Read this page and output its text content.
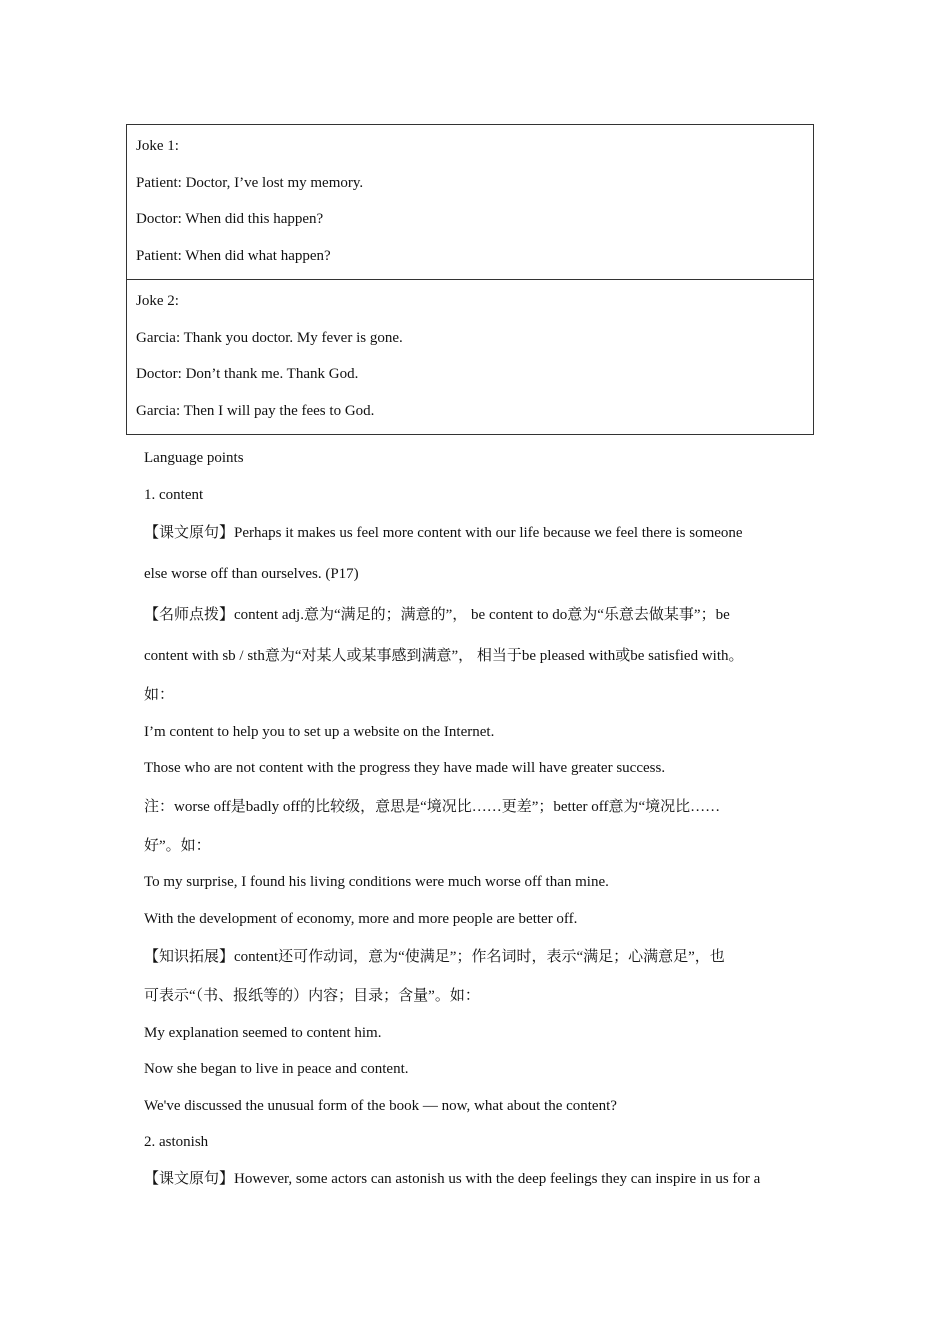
Joke 1:

Patient: Doctor, I’ve lost my memory.

Doctor: When did this happen?

Patient: When did what happen?

Joke 2:

Garcia: Thank you doctor. My fever is gone.

Doctor: Don’t thank me. Thank God.

Garcia: Then I will pay the fees to God.

Language points

1. content

【课文原句】Perhaps it makes us feel more content with our life because we feel there is someone

else worse off than ourselves. (P17)

【名师点拨】content adj.意为“满足的；满意的”， be content to do意为“乐意去做某事”；be

content with sb / sth意为“对某人或某事感到满意”， 相当于be pleased with或be satisfied with。

如：

I’m content to help you to set up a website on the Internet.

Those who are not content with the progress they have made will have greater success.

注：worse off是badly off的比较级，意思是“境况比……更差”；better off意为“境况比……

好”。如：

To my surprise, I found his living conditions were much worse off than mine.

With the development of economy, more and more people are better off.

【知识拓展】content还可作动词，意为“使满足”；作名词时，表示“满足；心满意足”，也

可表示“（书、报纸等的）内容；目录；含量”。如：

My explanation seemed to content him.

Now she began to live in peace and content.

We've discussed the unusual form of the book — now, what about the content?

2. astonish

【课文原句】However, some actors can astonish us with the deep feelings they can inspire in us for a
